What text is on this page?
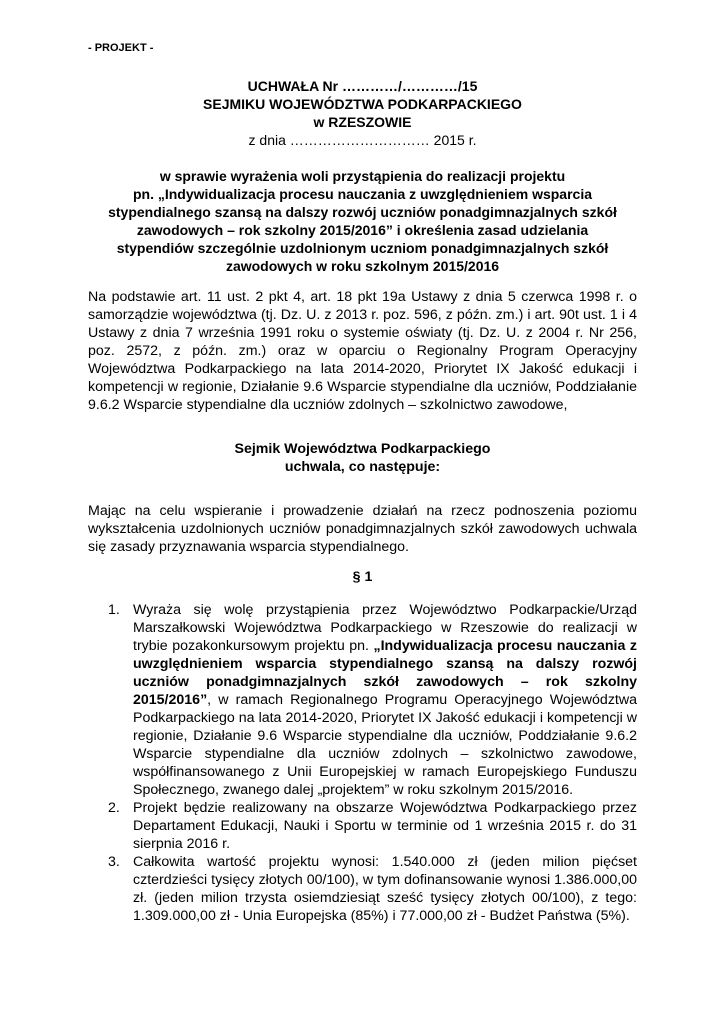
- PROJEKT -
UCHWAŁA Nr …………/…………/15
SEJMIKU WOJEWÓDZTWA PODKARPACKIEGO
w RZESZOWIE
z dnia ………………………… 2015 r.
w sprawie wyrażenia woli przystąpienia do realizacji projektu
pn. „Indywidualizacja procesu nauczania z uwzględnieniem wsparcia
stypendialnego szansą na dalszy rozwój uczniów ponadgimnazjalnych szkół
zawodowych – rok szkolny 2015/2016” i określenia zasad udzielania
stypendiów szczególnie uzdolnionym uczniom ponadgimnazjalnych szkół
zawodowych w roku szkolnym 2015/2016
Na podstawie art. 11 ust. 2 pkt 4, art. 18 pkt 19a Ustawy z dnia 5 czerwca 1998 r. o samorządzie województwa (tj. Dz. U. z 2013 r. poz. 596, z późn. zm.) i art. 90t ust. 1 i 4 Ustawy z dnia 7 września 1991 roku o systemie oświaty (tj. Dz. U. z 2004 r. Nr 256, poz. 2572, z późn. zm.) oraz w oparciu o Regionalny Program Operacyjny Województwa Podkarpackiego na lata 2014-2020, Priorytet IX Jakość edukacji i kompetencji w regionie, Działanie 9.6 Wsparcie stypendialne dla uczniów, Poddziałanie 9.6.2 Wsparcie stypendialne dla uczniów zdolnych – szkolnictwo zawodowe,
Sejmik Województwa Podkarpackiego
uchwala, co następuje:
Mając na celu wspieranie i prowadzenie działań na rzecz podnoszenia poziomu wykształcenia uzdolnionych uczniów ponadgimnazjalnych szkół zawodowych uchwala się zasady przyznawania wsparcia stypendialnego.
§ 1
1. Wyraża się wolę przystąpienia przez Województwo Podkarpackie/Urząd Marszałkowski Województwa Podkarpackiego w Rzeszowie do realizacji w trybie pozakonkursowym projektu pn. „Indywidualizacja procesu nauczania z uwzględnieniem wsparcia stypendialnego szansą na dalszy rozwój uczniów ponadgimnazjalnych szkół zawodowych – rok szkolny 2015/2016”, w ramach Regionalnego Programu Operacyjnego Województwa Podkarpackiego na lata 2014-2020, Priorytet IX Jakość edukacji i kompetencji w regionie, Działanie 9.6 Wsparcie stypendialne dla uczniów, Poddziałanie 9.6.2 Wsparcie stypendialne dla uczniów zdolnych – szkolnictwo zawodowe, współfinansowanego z Unii Europejskiej w ramach Europejskiego Funduszu Społecznego, zwanego dalej „projektem” w roku szkolnym 2015/2016.
2. Projekt będzie realizowany na obszarze Województwa Podkarpackiego przez Departament Edukacji, Nauki i Sportu w terminie od 1 września 2015 r. do 31 sierpnia 2016 r.
3. Całkowita wartość projektu wynosi: 1.540.000 zł (jeden milion pięćset czterdzieści tysięcy złotych 00/100), w tym dofinansowanie wynosi 1.386.000,00 zł. (jeden milion trzysta osiemdziesiąt sześć tysięcy złotych 00/100), z tego: 1.309.000,00 zł - Unia Europejska (85%) i 77.000,00 zł - Budżet Państwa (5%).
